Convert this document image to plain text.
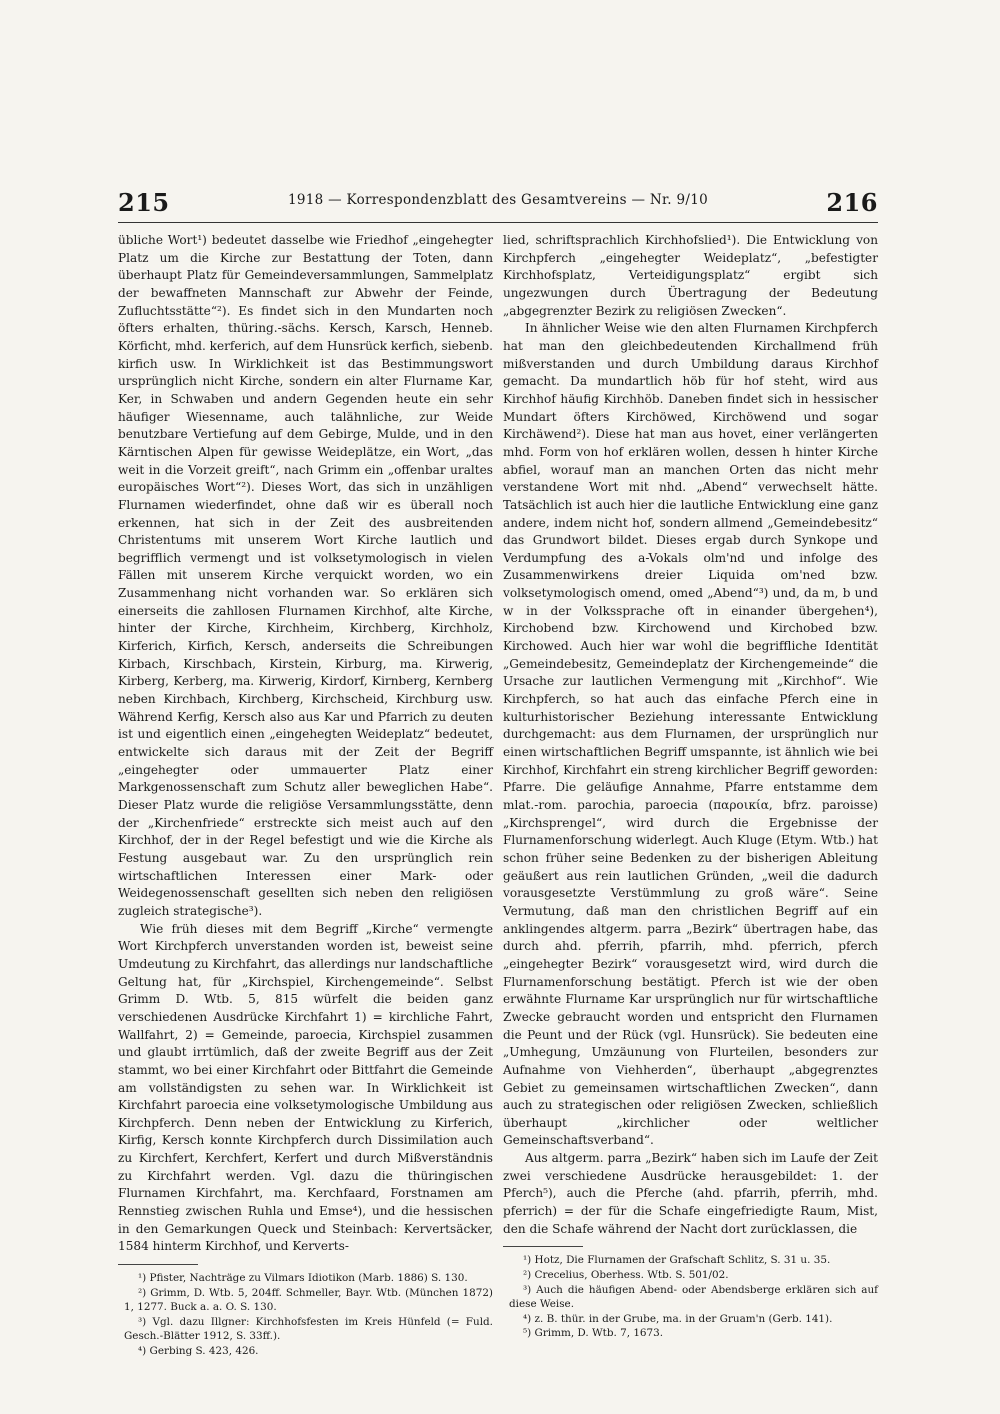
215	1918 — Korrespondenzblatt des Gesamtvereins — Nr. 9/10	216

übliche Wort¹) bedeutet dasselbe wie Friedhof „eingehegter Platz um die Kirche zur Bestattung der Toten, dann überhaupt Platz für Gemeindeversammlungen, Sammelplatz der bewaffneten Mannschaft zur Abwehr der Feinde, Zufluchtsstätte“²). Es findet sich in den Mundarten noch öfters erhalten, thüring.-sächs. Kersch, Karsch, Henneb. Körficht, mhd. kerferich, auf dem Hunsrück kerfich, siebenb. kirfich usw. In Wirklichkeit ist das Bestimmungswort ursprünglich nicht Kirche, sondern ein alter Flurname Kar, Ker, in Schwaben und andern Gegenden heute ein sehr häufiger Wiesenname, auch talähnliche, zur Weide benutzbare Vertiefung auf dem Gebirge, Mulde, und in den Kärntischen Alpen für gewisse Weideplätze, ein Wort, „das weit in die Vorzeit greift“, nach Grimm ein „offenbar uraltes europäisches Wort“²). Dieses Wort, das sich in unzähligen Flurnamen wiederfindet, ohne daß wir es überall noch erkennen, hat sich in der Zeit des ausbreitenden Christentums mit unserem Wort Kirche lautlich und begrifflich vermengt und ist volksetymologisch in vielen Fällen mit unserem Kirche verquickt worden, wo ein Zusammenhang nicht vorhanden war. So erklären sich einerseits die zahllosen Flurnamen Kirchhof, alte Kirche, hinter der Kirche, Kirchheim, Kirchberg, Kirchholz, Kirferich, Kirfich, Kersch, anderseits die Schreibungen Kirbach, Kirschbach, Kirstein, Kirburg, ma. Kirwerig, Kirberg, Kerberg, ma. Kirwerig, Kirdorf, Kirnberg, Kernberg neben Kirchbach, Kirchberg, Kirchscheid, Kirchburg usw. Während Kerfig, Kersch also aus Kar und Pfarrich zu deuten ist und eigentlich einen „eingehegten Weideplatz“ bedeutet, entwickelte sich daraus mit der Zeit der Begriff „eingehegter oder ummauerter Platz einer Markgenossenschaft zum Schutz aller beweglichen Habe“. Dieser Platz wurde die religiöse Versammlungsstätte, denn der „Kirchenfriede“ erstreckte sich meist auch auf den Kirchhof, der in der Regel befestigt und wie die Kirche als Festung ausgebaut war. Zu den ursprünglich rein wirtschaftlichen Interessen einer Mark- oder Weidegenossenschaft gesellten sich neben den religiösen zugleich strategische³).

Wie früh dieses mit dem Begriff „Kirche“ vermengte Wort Kirchpferch unverstanden worden ist, beweist seine Umdeutung zu Kirchfahrt, das allerdings nur landschaftliche Geltung hat, für „Kirchspiel, Kirchengemeinde“. Selbst Grimm D. Wtb. 5, 815 würfelt die beiden ganz verschiedenen Ausdrücke Kirchfahrt 1) = kirchliche Fahrt, Wallfahrt, 2) = Gemeinde, paroecia, Kirchspiel zusammen und glaubt irrtümlich, daß der zweite Begriff aus der Zeit stammt, wo bei einer Kirchfahrt oder Bittfahrt die Gemeinde am vollständigsten zu sehen war. In Wirklichkeit ist Kirchfahrt paroecia eine volksetymologische Umbildung aus Kirchpferch. Denn neben der Entwicklung zu Kirferich, Kirfig, Kersch konnte Kirchpferch durch Dissimilation auch zu Kirchfert, Kerchfert, Kerfert und durch Mißverständnis zu Kirchfahrt werden. Vgl. dazu die thüringischen Flurnamen Kirchfahrt, ma. Kerchfaard, Forstnamen am Rennstieg zwischen Ruhla und Emse⁴), und die hessischen in den Gemarkungen Queck und Steinbach: Kervertsäcker, 1584 hinterm Kirchhof, und Kerverts-

¹) Pfister, Nachträge zu Vilmars Idiotikon (Marb. 1886) S. 130.

²) Grimm, D. Wtb. 5, 204ff. Schmeller, Bayr. Wtb. (München 1872) 1, 1277. Buck a. a. O. S. 130.

³) Vgl. dazu Illgner: Kirchhofsfesten im Kreis Hünfeld (= Fuld. Gesch.-Blätter 1912, S. 33ff.).

⁴) Gerbing S. 423, 426.

lied, schriftsprachlich Kirchhofslied¹). Die Entwicklung von Kirchpferch „eingehegter Weideplatz“, „befestigter Kirchhofsplatz, Verteidigungsplatz“ ergibt sich ungezwungen durch Übertragung der Bedeutung „abgegrenzter Bezirk zu religiösen Zwecken“.

In ähnlicher Weise wie den alten Flurnamen Kirchpferch hat man den gleichbedeutenden Kirchallmend früh mißverstanden und durch Umbildung daraus Kirchhof gemacht. Da mundartlich höb für hof steht, wird aus Kirchhof häufig Kirchhöb. Daneben findet sich in hessischer Mundart öfters Kirchöwed, Kirchöwend und sogar Kirchäwend²). Diese hat man aus hovet, einer verlängerten mhd. Form von hof erklären wollen, dessen h hinter Kirche abfiel, worauf man an manchen Orten das nicht mehr verstandene Wort mit nhd. „Abend“ verwechselt hätte. Tatsächlich ist auch hier die lautliche Entwicklung eine ganz andere, indem nicht hof, sondern allmend „Gemeindebesitz“ das Grundwort bildet. Dieses ergab durch Synkope und Verdumpfung des a-Vokals olm'nd und infolge des Zusammenwirkens dreier Liquida om'ned bzw. volksetymologisch omend, omed „Abend“³) und, da m, b und w in der Volkssprache oft in einander übergehen⁴), Kirchobend bzw. Kirchowend und Kirchobed bzw. Kirchowed. Auch hier war wohl die begriffliche Identität „Gemeindebesitz, Gemeindeplatz der Kirchengemeinde“ die Ursache zur lautlichen Vermengung mit „Kirchhof“. Wie Kirchpferch, so hat auch das einfache Pferch eine in kulturhistorischer Beziehung interessante Entwicklung durchgemacht: aus dem Flurnamen, der ursprünglich nur einen wirtschaftlichen Begriff umspannte, ist ähnlich wie bei Kirchhof, Kirchfahrt ein streng kirchlicher Begriff geworden: Pfarre. Die geläufige Annahme, Pfarre entstamme dem mlat.-rom. parochia, paroecia (παροικία, bfrz. paroisse) „Kirchsprengel“, wird durch die Ergebnisse der Flurnamenforschung widerlegt. Auch Kluge (Etym. Wtb.) hat schon früher seine Bedenken zu der bisherigen Ableitung geäußert aus rein lautlichen Gründen, „weil die dadurch vorausgesetzte Verstümmlung zu groß wäre“. Seine Vermutung, daß man den christlichen Begriff auf ein anklingendes altgerm. parra „Bezirk“ übertragen habe, das durch ahd. pferrih, pfarrih, mhd. pferrich, pferch „eingehegter Bezirk“ vorausgesetzt wird, wird durch die Flurnamenforschung bestätigt. Pferch ist wie der oben erwähnte Flurname Kar ursprünglich nur für wirtschaftliche Zwecke gebraucht worden und entspricht den Flurnamen die Peunt und der Rück (vgl. Hunsrück). Sie bedeuten eine „Umhegung, Umzäunung von Flurteilen, besonders zur Aufnahme von Viehherden“, überhaupt „abgegrenztes Gebiet zu gemeinsamen wirtschaftlichen Zwecken“, dann auch zu strategischen oder religiösen Zwecken, schließlich überhaupt „kirchlicher oder weltlicher Gemeinschaftsverband“.

Aus altgerm. parra „Bezirk“ haben sich im Laufe der Zeit zwei verschiedene Ausdrücke herausgebildet: 1. der Pferch⁵), auch die Pferche (ahd. pfarrih, pferrih, mhd. pferrich) = der für die Schafe eingefriedigte Raum, Mist, den die Schafe während der Nacht dort zurücklassen, die

¹) Hotz, Die Flurnamen der Grafschaft Schlitz, S. 31 u. 35.

²) Crecelius, Oberhess. Wtb. S. 501/02.

³) Auch die häufigen Abend- oder Abendsberge erklären sich auf diese Weise.

⁴) z. B. thür. in der Grube, ma. in der Gruam'n (Gerb. 141).

⁵) Grimm, D. Wtb. 7, 1673.
